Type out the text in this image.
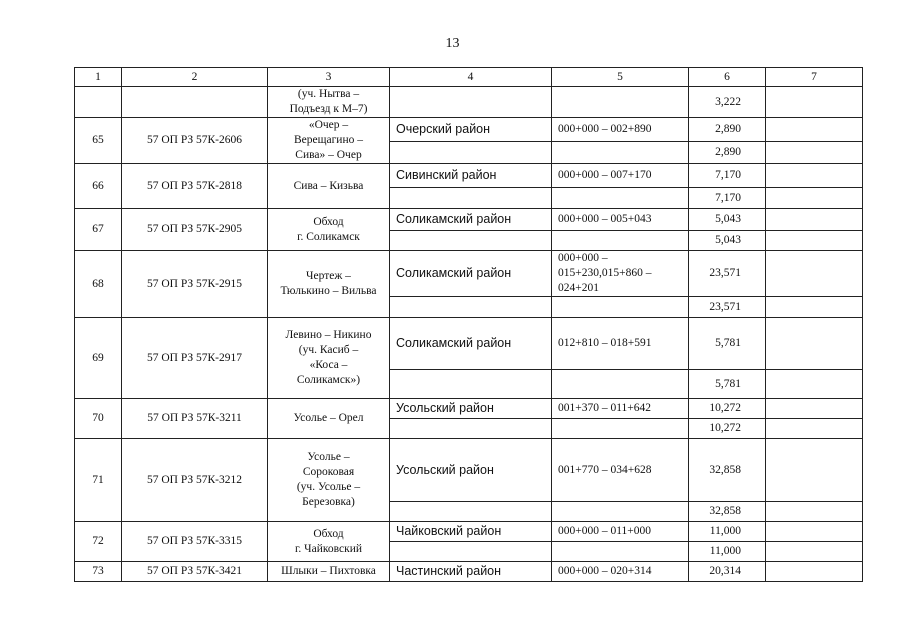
13
1	2	3	4	5	6	7

		(уч. Нытва –
Подъезд к М–7)			3,222	
65	57 ОП РЗ 57К-2606	«Очер –
Верещагино –
Сива» – Очер	Очерский район	000+000 – 002+890	2,890	
					2,890	
66	57 ОП РЗ 57К-2818	Сива – Кизьва	Сивинский район	000+000 – 007+170	7,170	
					7,170	
67	57 ОП РЗ 57К-2905	Обход
г. Соликамск	Соликамский район	000+000 – 005+043	5,043	
					5,043	
68	57 ОП РЗ 57К-2915	Чертеж –
Тюлькино – Вильва	Соликамский район	000+000 – 015+230,015+860 – 024+201	23,571	
					23,571	
69	57 ОП РЗ 57К-2917	Левино – Никино
(уч. Касиб –
«Коса –
Соликамск»)	Соликамский район	012+810 – 018+591	5,781	
					5,781	
70	57 ОП РЗ 57К-3211	Усолье – Орел	Усольский район	001+370 – 011+642	10,272	
					10,272	
71	57 ОП РЗ 57К-3212	Усолье –
Сороковая
(уч. Усолье –
Березовка)	Усольский район	001+770 – 034+628	32,858	
					32,858	
72	57 ОП РЗ 57К-3315	Обход
г. Чайковский	Чайковский район	000+000 – 011+000	11,000	
					11,000	
73	57 ОП РЗ 57К-3421	Шлыки – Пихтовка	Частинский район	000+000 – 020+314	20,314	
